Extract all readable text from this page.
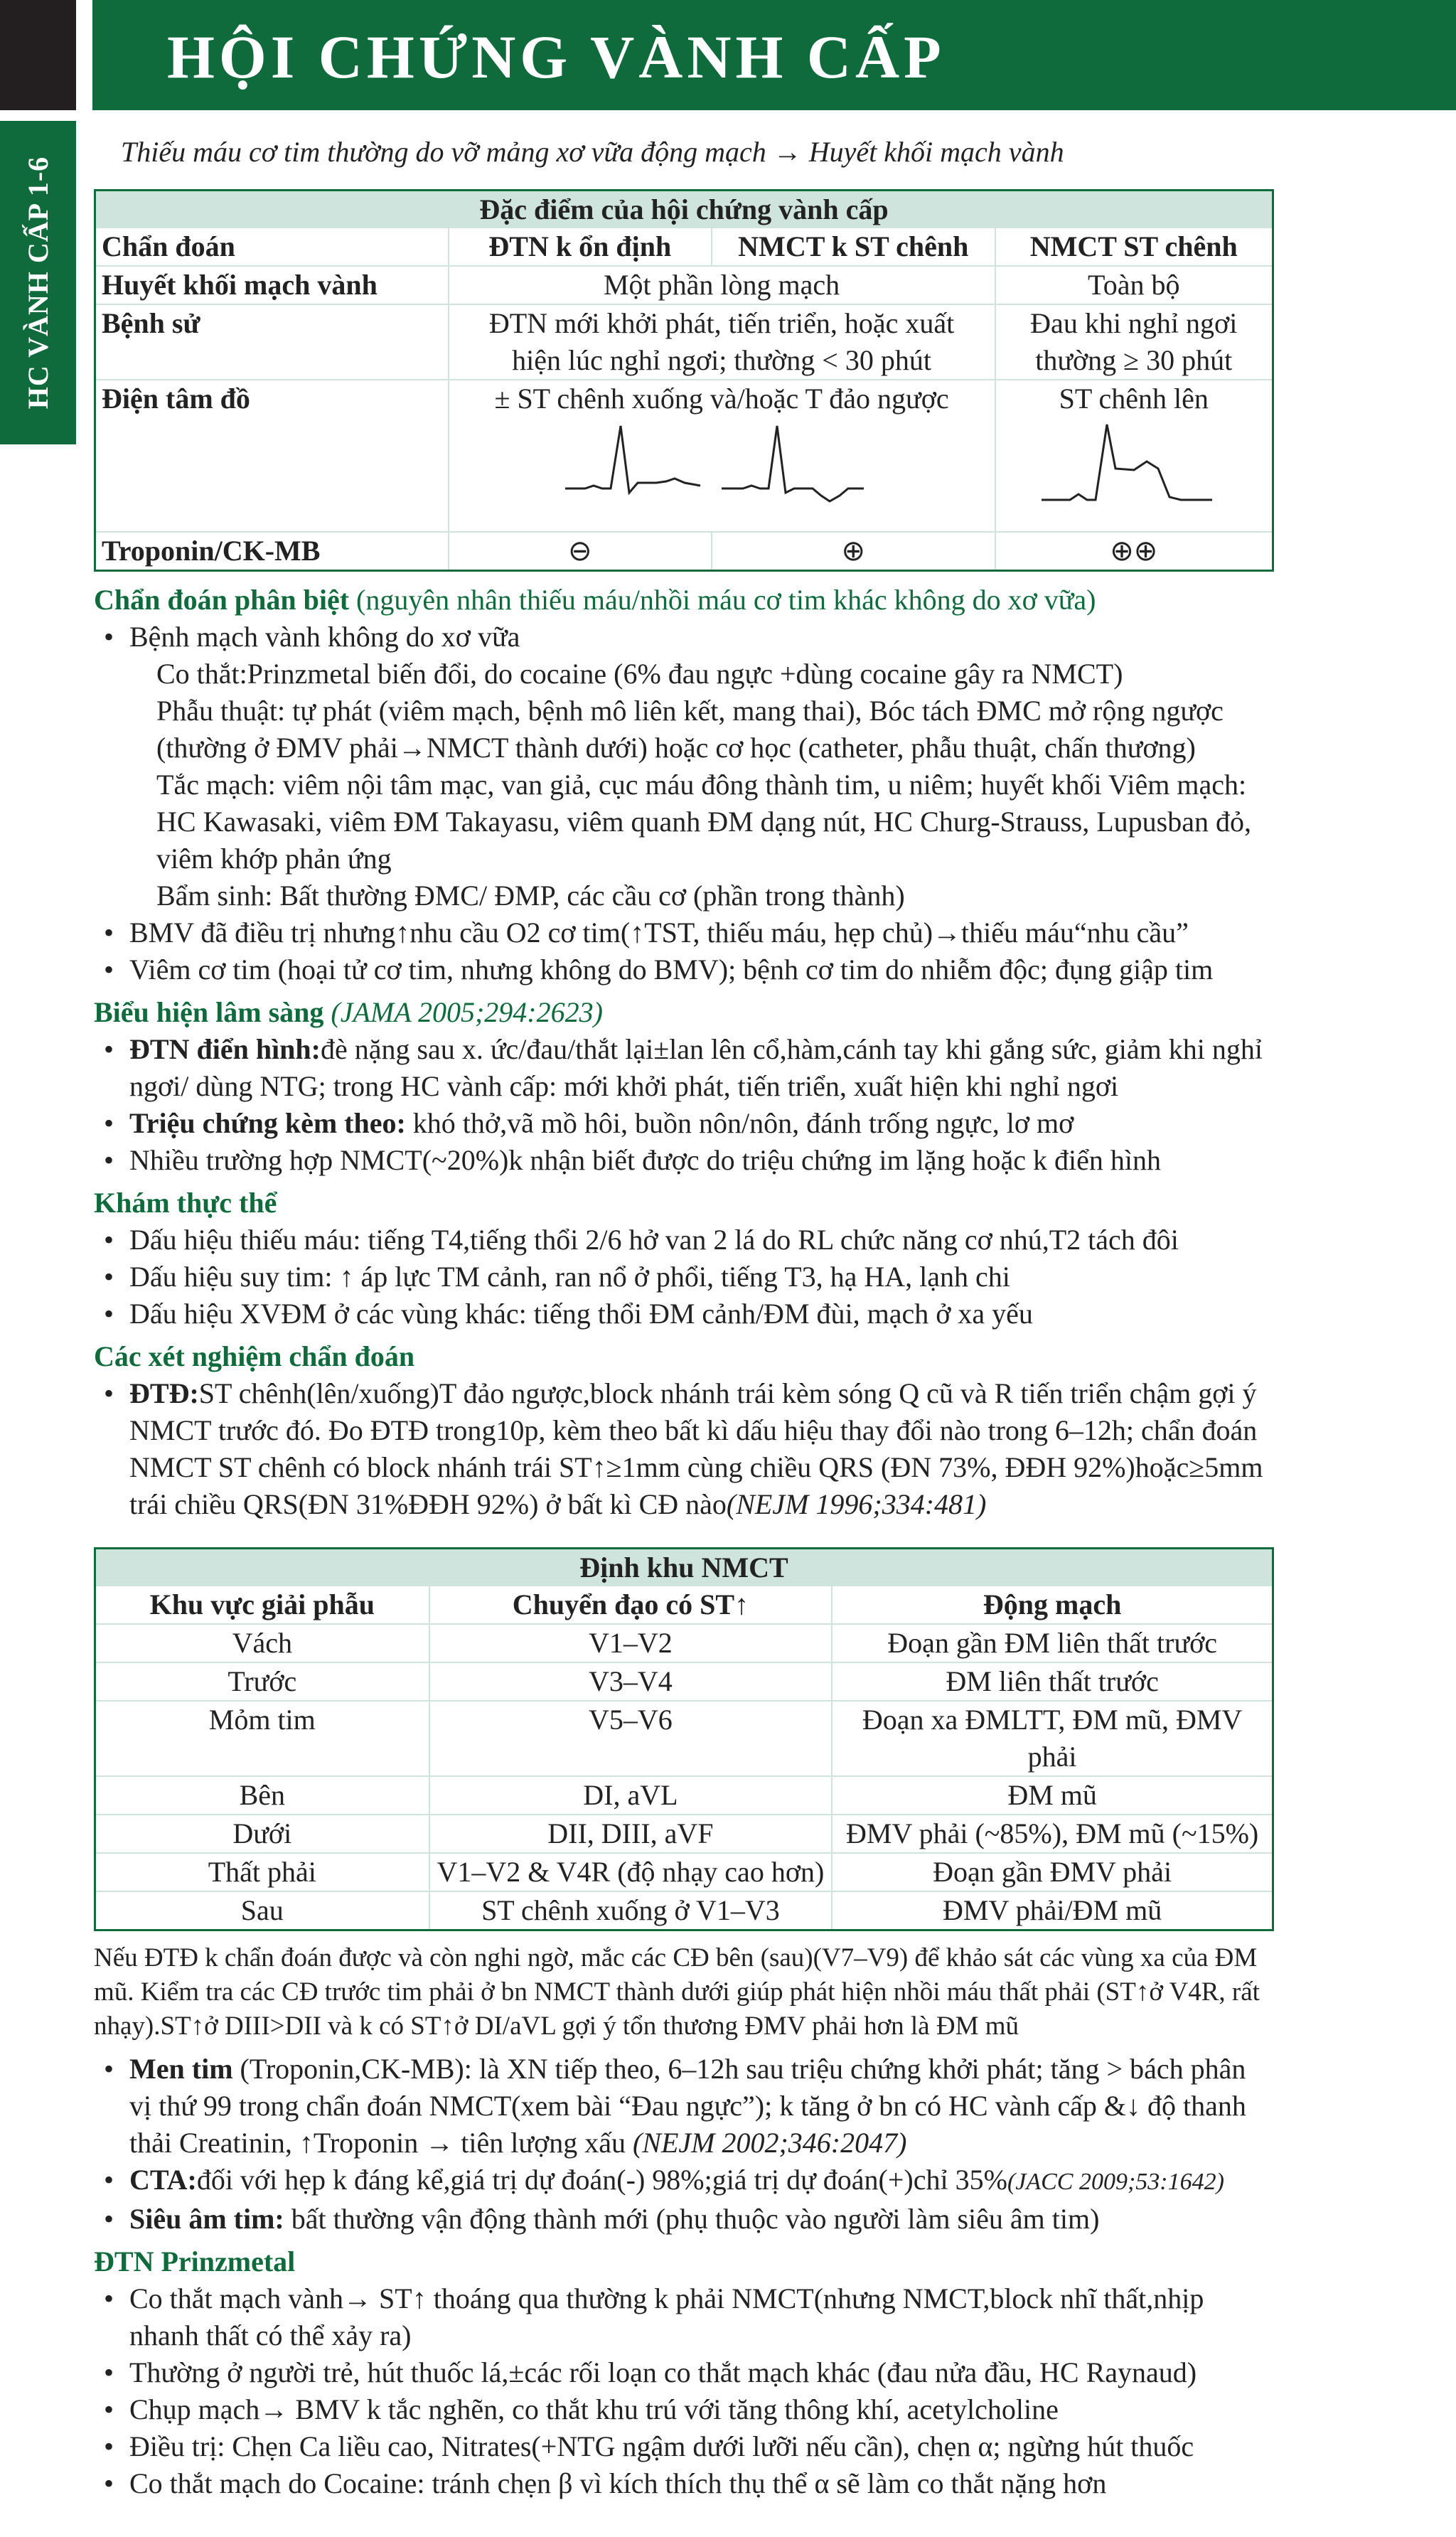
HỘI CHỨNG VÀNH CẤP
HC VÀNH CẤP 1-6
Thiếu máu cơ tim thường do vỡ mảng xơ vữa động mạch → Huyết khối mạch vành
Đặc điểm của hội chứng vành cấp
Chẩn đoán	ĐTN k ổn định	NMCT k ST chênh	NMCT ST chênh
Huyết khối mạch vành	Một phần lòng mạch		Toàn bộ
Bệnh sử	ĐTN mới khởi phát, tiến triển, hoặc xuất hiện lúc nghỉ ngơi; thường < 30 phút		Đau khi nghỉ ngơi thường ≥ 30 phút
Điện tâm đồ	± ST chênh xuống và/hoặc T đảo ngược		ST chênh lên

Troponin/CK-MB	⊖	⊕	⊕⊕
Chẩn đoán phân biệt (nguyên nhân thiếu máu/nhồi máu cơ tim khác không do xơ vữa)
• Bệnh mạch vành không do xơ vữa
Co thắt:Prinzmetal biến đổi, do cocaine (6% đau ngực +dùng cocaine gây ra NMCT)
Phẫu thuật: tự phát (viêm mạch, bệnh mô liên kết, mang thai), Bóc tách ĐMC mở rộng ngược (thường ở ĐMV phải→NMCT thành dưới) hoặc cơ học (catheter, phẫu thuật, chấn thương)
Tắc mạch: viêm nội tâm mạc, van giả, cục máu đông thành tim, u niêm; huyết khối Viêm mạch: HC Kawasaki, viêm ĐM Takayasu, viêm quanh ĐM dạng nút, HC Churg-Strauss, Lupusban đỏ, viêm khớp phản ứng
Bẩm sinh: Bất thường ĐMC/ ĐMP, các cầu cơ (phần trong thành)
• BMV đã điều trị nhưng↑nhu cầu O2 cơ tim(↑TST, thiếu máu, hẹp chủ)→thiếu máu“nhu cầu”
• Viêm cơ tim (hoại tử cơ tim, nhưng không do BMV); bệnh cơ tim do nhiễm độc; đụng giập tim
Biểu hiện lâm sàng (JAMA 2005;294:2623)
• ĐTN điển hình:đè nặng sau x. ức/đau/thắt lại±lan lên cổ,hàm,cánh tay khi gắng sức, giảm khi nghỉ ngơi/ dùng NTG; trong HC vành cấp: mới khởi phát, tiến triển, xuất hiện khi nghỉ ngơi
• Triệu chứng kèm theo: khó thở,vã mồ hôi, buồn nôn/nôn, đánh trống ngực, lơ mơ
• Nhiều trường hợp NMCT(~20%)k nhận biết được do triệu chứng im lặng hoặc k điển hình
Khám thực thể
• Dấu hiệu thiếu máu: tiếng T4,tiếng thổi 2/6 hở van 2 lá do RL chức năng cơ nhú,T2 tách đôi
• Dấu hiệu suy tim: ↑ áp lực TM cảnh, ran nổ ở phổi, tiếng T3, hạ HA, lạnh chi
• Dấu hiệu XVĐM ở các vùng khác: tiếng thổi ĐM cảnh/ĐM đùi, mạch ở xa yếu
Các xét nghiệm chẩn đoán
• ĐTĐ:ST chênh(lên/xuống)T đảo ngược,block nhánh trái kèm sóng Q cũ và R tiến triển chậm gợi ý NMCT trước đó. Đo ĐTĐ trong10p, kèm theo bất kì dấu hiệu thay đổi nào trong 6–12h; chẩn đoán NMCT ST chênh có block nhánh trái ST↑≥1mm cùng chiều QRS (ĐN 73%, ĐĐH 92%)hoặc≥5mm trái chiều QRS(ĐN 31%ĐĐH 92%) ở bất kì CĐ nào(NEJM 1996;334:481)
Định khu NMCT
Khu vực giải phẫu	Chuyển đạo có ST↑	Động mạch
Vách	V1–V2	Đoạn gần ĐM liên thất trước
Trước	V3–V4	ĐM liên thất trước
Mỏm tim	V5–V6	Đoạn xa ĐMLTT, ĐM mũ, ĐMV phải
Bên	DI, aVL	ĐM mũ
Dưới	DII, DIII, aVF	ĐMV phải (~85%), ĐM mũ (~15%)
Thất phải	V1–V2 & V4R (độ nhạy cao hơn)	Đoạn gần ĐMV phải
Sau	ST chênh xuống ở V1–V3	ĐMV phải/ĐM mũ
Nếu ĐTĐ k chẩn đoán được và còn nghi ngờ, mắc các CĐ bên (sau)(V7–V9) để khảo sát các vùng xa của ĐM mũ. Kiểm tra các CĐ trước tim phải ở bn NMCT thành dưới giúp phát hiện nhồi máu thất phải (ST↑ở V4R, rất nhạy).ST↑ở DIII>DII và k có ST↑ở DI/aVL gợi ý tổn thương ĐMV phải hơn là ĐM mũ
• Men tim (Troponin,CK-MB): là XN tiếp theo, 6–12h sau triệu chứng khởi phát; tăng > bách phân vị thứ 99 trong chẩn đoán NMCT(xem bài “Đau ngực”); k tăng ở bn có HC vành cấp &↓ độ thanh thải Creatinin, ↑Troponin → tiên lượng xấu (NEJM 2002;346:2047)
• CTA:đối với hẹp k đáng kể,giá trị dự đoán(-) 98%;giá trị dự đoán(+)chỉ 35%(JACC 2009;53:1642)
• Siêu âm tim: bất thường vận động thành mới (phụ thuộc vào người làm siêu âm tim)
ĐTN Prinzmetal
• Co thắt mạch vành→ ST↑ thoáng qua thường k phải NMCT(nhưng NMCT,block nhĩ thất,nhịp nhanh thất có thể xảy ra)
• Thường ở người trẻ, hút thuốc lá,±các rối loạn co thắt mạch khác (đau nửa đầu, HC Raynaud)
• Chụp mạch→ BMV k tắc nghẽn, co thắt khu trú với tăng thông khí, acetylcholine
• Điều trị: Chẹn Ca liều cao, Nitrates(+NTG ngậm dưới lưỡi nếu cần), chẹn α; ngừng hút thuốc
• Co thắt mạch do Cocaine: tránh chẹn β vì kích thích thụ thể α sẽ làm co thắt nặng hơn
